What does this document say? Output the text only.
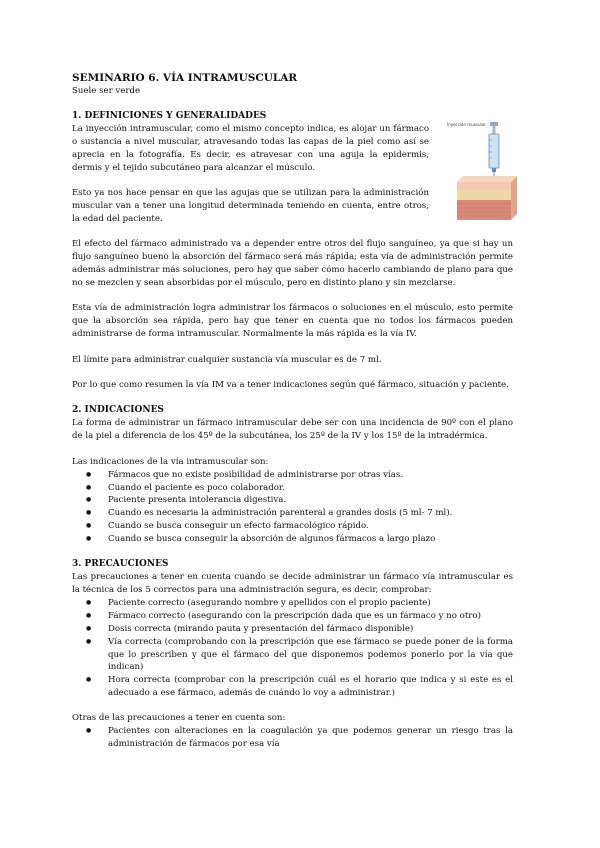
SEMINARIO 6. VÍA INTRAMUSCULAR
Suele ser verde
1. DEFINICIONES Y GENERALIDADES

La inyección intramuscular, como el mismo concepto indica, es alojar un fármaco o sustancia a nivel muscular, atravesando todas las capas de la piel como así se aprecia en la fotografía. Es decir, es atravesar con una aguja la epidermis, dermis y el tejido subcutáneo para alcanzar el músculo.

Esto ya nos hace pensar en que las agujas que se utilizan para la administración muscular van a tener una longitud determinada teniendo en cuenta, entre otros, la edad del paciente.

Inyección muscular

El efecto del fármaco administrado va a depender entre otros del flujo sanguíneo, ya que si hay un flujo sanguíneo bueno la absorción del fármaco será más rápida; esta vía de administración permite además administrar más soluciones, pero hay que saber cómo hacerlo cambiando de plano para que no se mezclen y sean absorbidas por el músculo, pero en distinto plano y sin mezclarse.

Esta vía de administración logra administrar los fármacos o soluciones en el músculo, esto permite que la absorción sea rápida, pero hay que tener en cuenta que no todos los fármacos pueden administrarse de forma intramuscular. Normalmente la más rápida es la vía IV.

El límite para administrar cualquier sustancia vía muscular es de 7 ml.

Por lo que como resumen la vía IM va a tener indicaciones según qué fármaco, situación y paciente.

2. INDICACIONES

La forma de administrar un fármaco intramuscular debe ser con una incidencia de 90º con el plano de la piel a diferencia de los 45º de la subcutánea, los 25º de la IV y los 15º de la intradérmica.

Las indicaciones de la vía intramuscular son:

● Fármacos que no existe posibilidad de administrarse por otras vías.
● Cuando el paciente es poco colaborador.
● Paciente presenta intolerancia digestiva.
● Cuando es necesaria la administración parenteral a grandes dosis (5 ml- 7 ml).
● Cuando se busca conseguir un efecto farmacológico rápido.
● Cuando se busca conseguir la absorción de algunos fármacos a largo plazo
3. PRECAUCIONES

Las precauciones a tener en cuenta cuando se decide administrar un fármaco vía intramuscular es la técnica de los 5 correctos para una administración segura, es decir, comprobar:

● Paciente correcto (asegurando nombre y apellidos con el propio paciente)
● Fármaco correcto (asegurando con la prescripción dada que es un fármaco y no otro)
● Dosis correcta (mirando pauta y presentación del fármaco disponible)
● Vía correcta (comprobando con la prescripción que ese fármaco se puede poner de la forma que lo prescriben y que el fármaco del que disponemos podemos ponerlo por la vía que indican)
● Hora correcta (comprobar con la prescripción cuál es el horario que indica y si este es el adecuado a ese fármaco, además de cuándo lo voy a administrar.)

Otras de las precauciones a tener en cuenta son:

● Pacientes con alteraciones en la coagulación ya que podemos generar un riesgo tras la administración de fármacos por esa vía
